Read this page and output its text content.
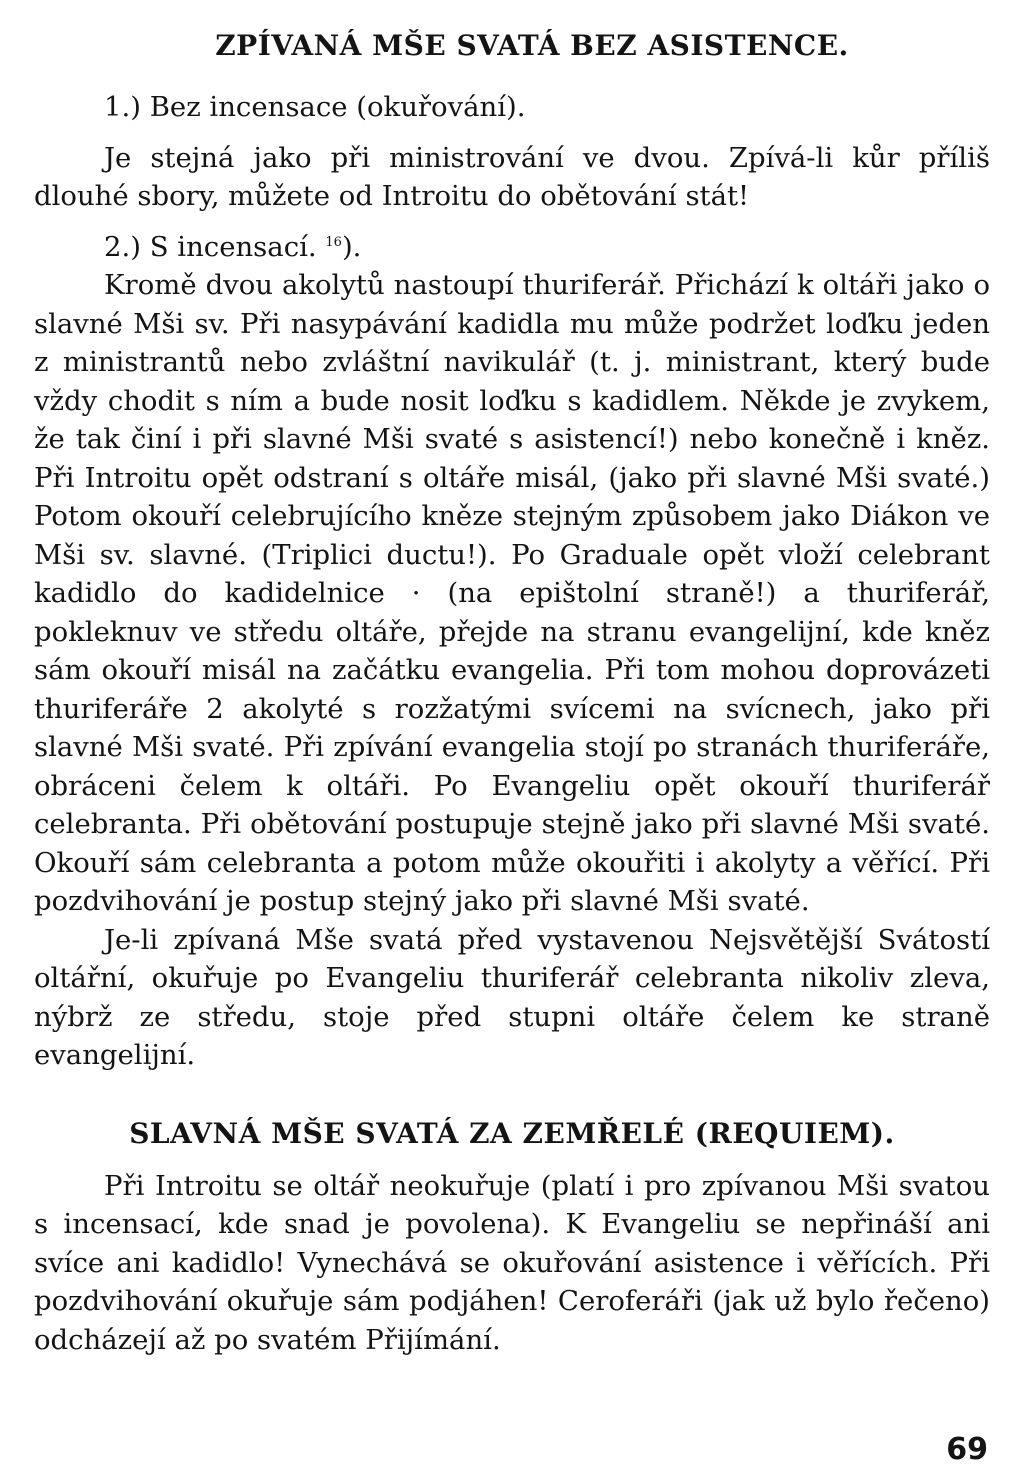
ZPÍVANÁ MŠE SVATÁ BEZ ASISTENCE.

1.) Bez incensace (okuřování).

Je stejná jako při ministrování ve dvou. Zpívá-li kůr příliš dlouhé sbory, můžete od Introitu do obětování stát!

2.) S incensací. $^{16}$).

Kromě dvou akolytů nastoupí thuriferář. Přichází k oltáři jako o slavné Mši sv. Při nasypávání kadidla mu může podržet loďku jeden z ministrantů nebo zvláštní navikulář (t. j. ministrant, který bude vždy chodit s ním a bude nosit loďku s kadidlem. Někde je zvykem, že tak činí i při slavné Mši svaté s asistencí!) nebo konečně i kněz. Při Introitu opět odstraní s oltáře misál, (jako při slavné Mši svaté.) Potom okouří celebrujícího kněze stejným způsobem jako Diákon ve Mši sv. slavné. (Triplici ductu!). Po Graduale opět vloží celebrant kadidlo do kadidelnice · (na epištolní straně!) a thuriferář, pokleknuv ve středu oltáře, přejde na stranu evangelijní, kde kněz sám okouří misál na začátku evangelia. Při tom mohou doprovázeti thuriferáře 2 akolyté s rozžatými svícemi na svícnech, jako při slavné Mši svaté. Při zpívání evangelia stojí po stranách thuriferáře, obráceni čelem k oltáři. Po Evangeliu opět okouří thuriferář celebranta. Při obětování postupuje stejně jako při slavné Mši svaté. Okouří sám celebranta a potom může okouřiti i akolyty a věřící. Při pozdvihování je postup stejný jako při slavné Mši svaté.

Je-li zpívaná Mše svatá před vystavenou Nejsvětější Svátostí oltářní, okuřuje po Evangeliu thuriferář celebranta nikoliv zleva, nýbrž ze středu, stoje před stupni oltáře čelem ke straně evangelijní.

SLAVNÁ MŠE SVATÁ ZA ZEMŘELÉ (REQUIEM).

Při Introitu se oltář neokuřuje (platí i pro zpívanou Mši svatou s incensací, kde snad je povolena). K Evangeliu se nepřináší ani svíce ani kadidlo! Vynechává se okuřování asistence i věřících. Při pozdvihování okuřuje sám podjáhen! Ceroferáři (jak už bylo řečeno) odcházejí až po svatém Přijímání.

69
